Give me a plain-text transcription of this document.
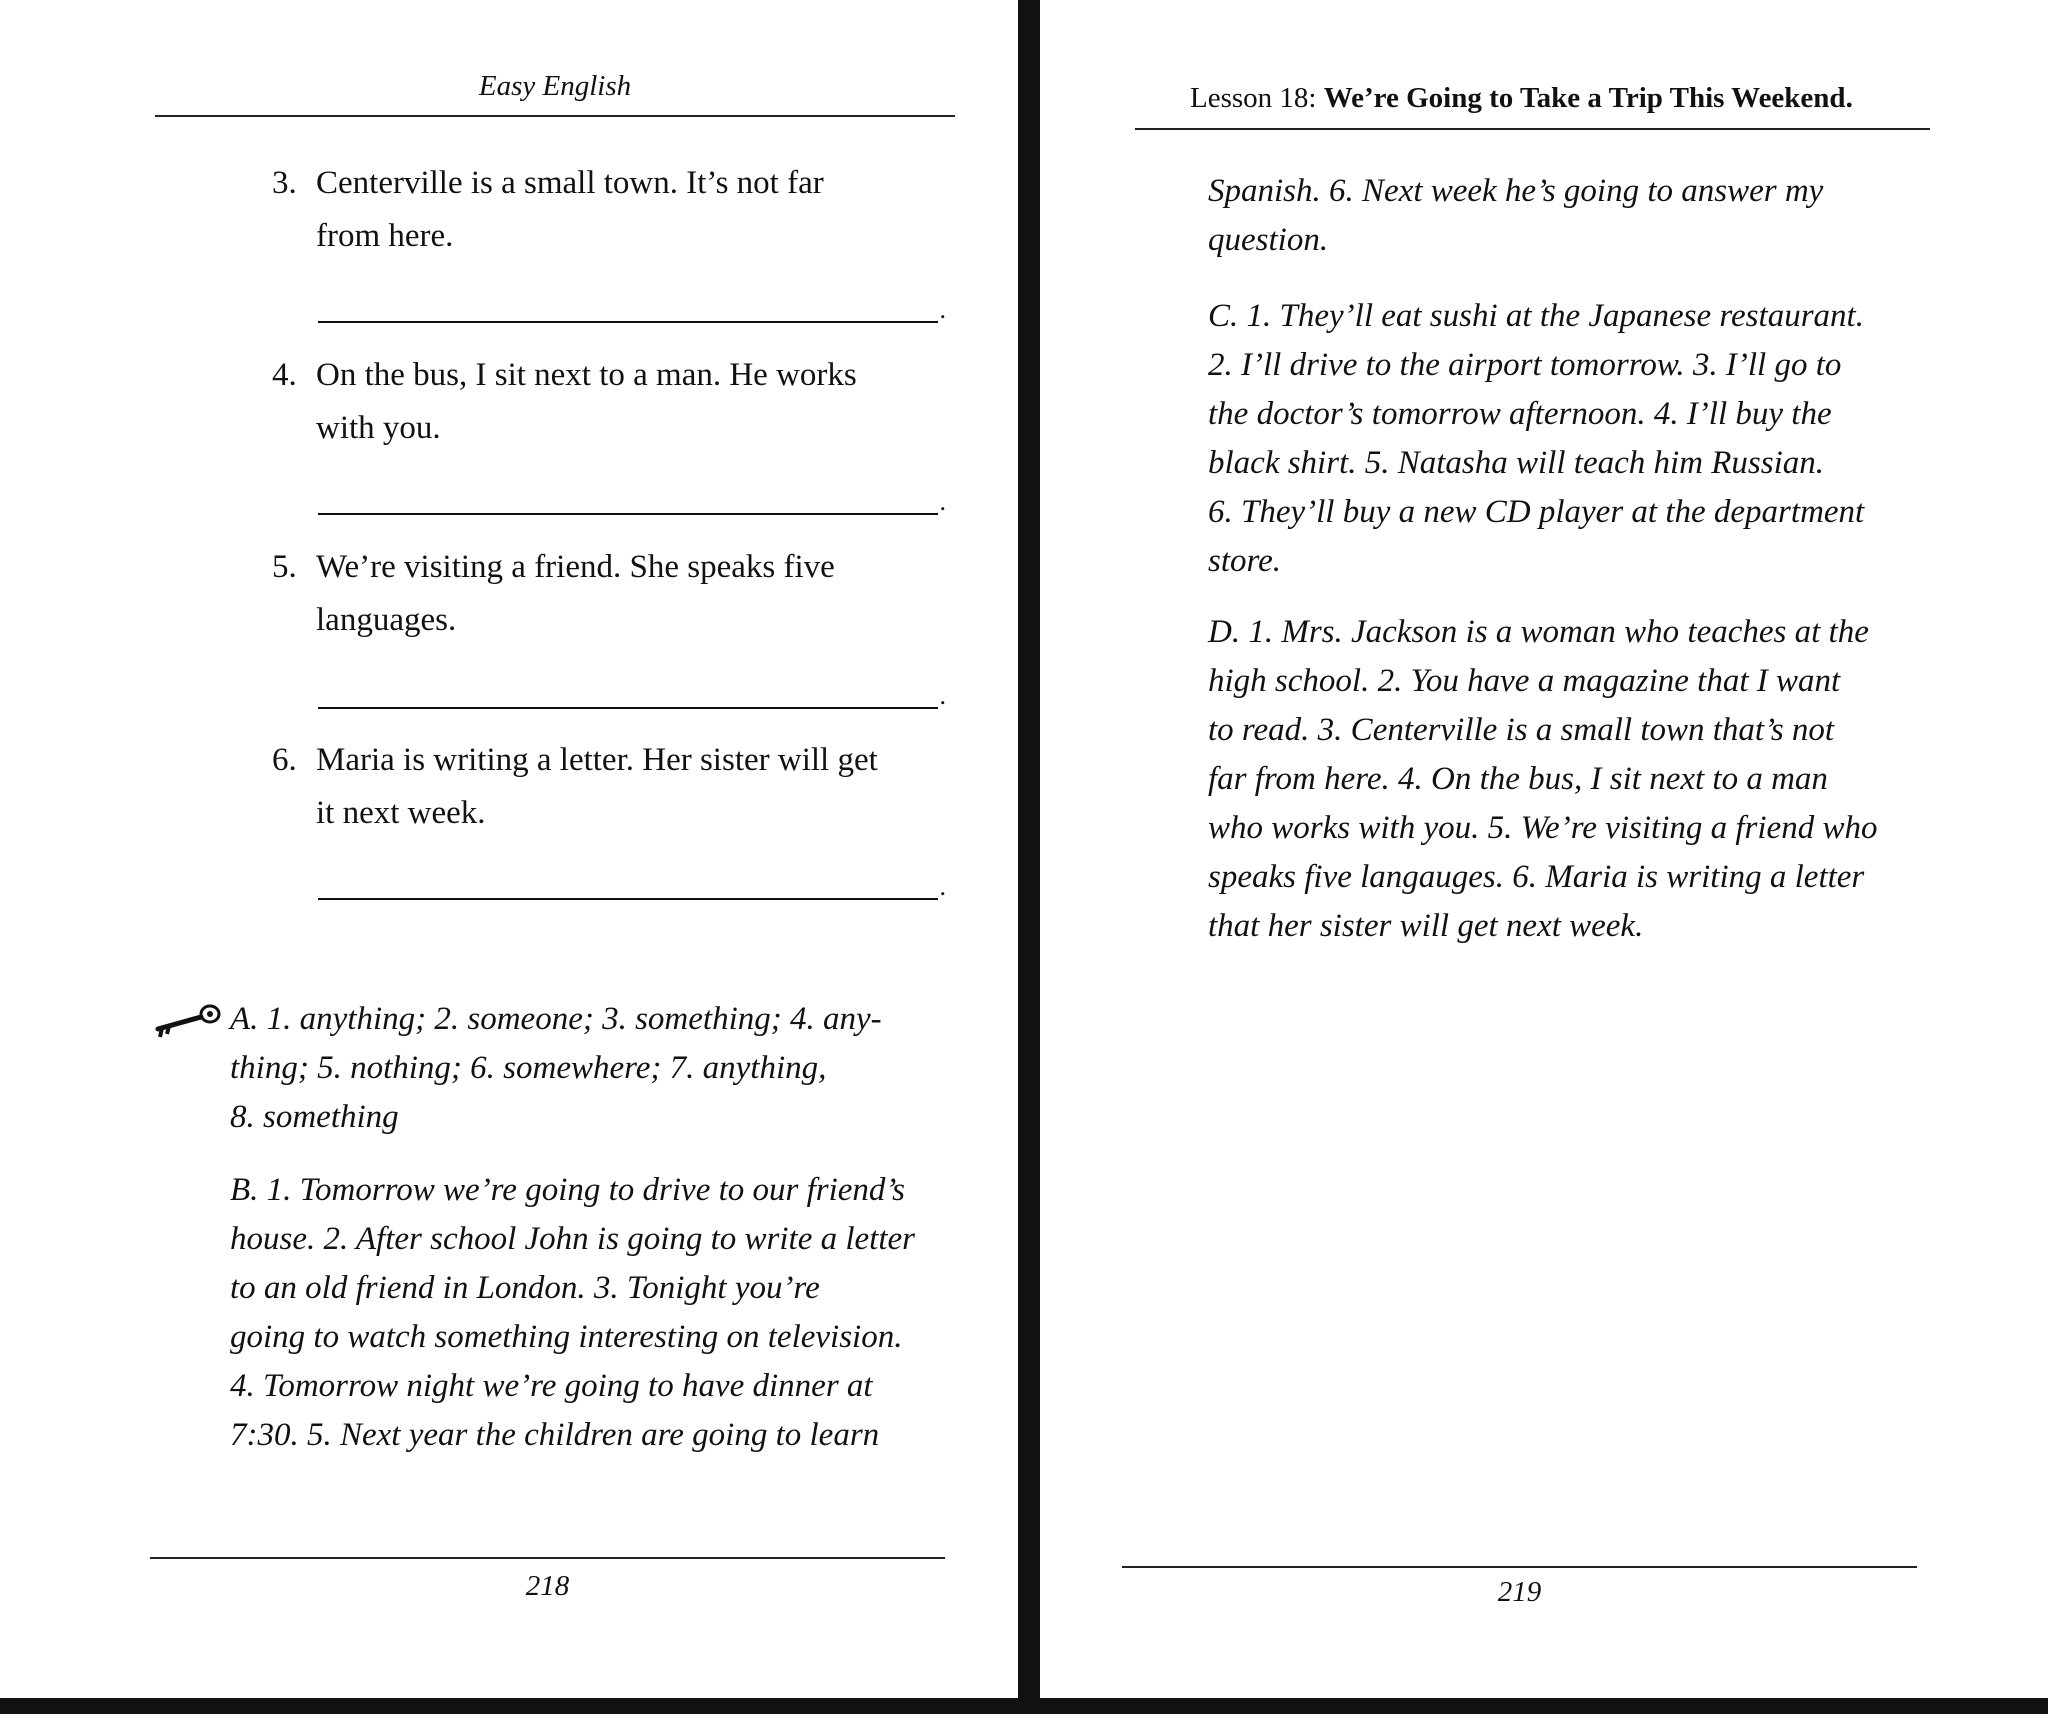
Easy English
3. Centerville is a small town. It’s not far
from here.
.
4. On the bus, I sit next to a man. He works
with you.
.
5. We’re visiting a friend. She speaks five
languages.
.
6. Maria is writing a letter. Her sister will get
it next week.
.
A. 1. anything; 2. someone; 3. something; 4. any-
thing; 5. nothing; 6. somewhere; 7. anything,
8. something
B. 1. Tomorrow we’re going to drive to our friend’s
house. 2. After school John is going to write a letter
to an old friend in London. 3. Tonight you’re
going to watch something interesting on television.
4. Tomorrow night we’re going to have dinner at
7:30. 5. Next year the children are going to learn
218
Lesson 18: We’re Going to Take a Trip This Weekend.
Spanish. 6. Next week he’s going to answer my
question.
C. 1. They’ll eat sushi at the Japanese restaurant.
2. I’ll drive to the airport tomorrow. 3. I’ll go to
the doctor’s tomorrow afternoon. 4. I’ll buy the
black shirt. 5. Natasha will teach him Russian.
6. They’ll buy a new CD player at the department
store.
D. 1. Mrs. Jackson is a woman who teaches at the
high school. 2. You have a magazine that I want
to read. 3. Centerville is a small town that’s not
far from here. 4. On the bus, I sit next to a man
who works with you. 5. We’re visiting a friend who
speaks five langauges. 6. Maria is writing a letter
that her sister will get next week.
219
